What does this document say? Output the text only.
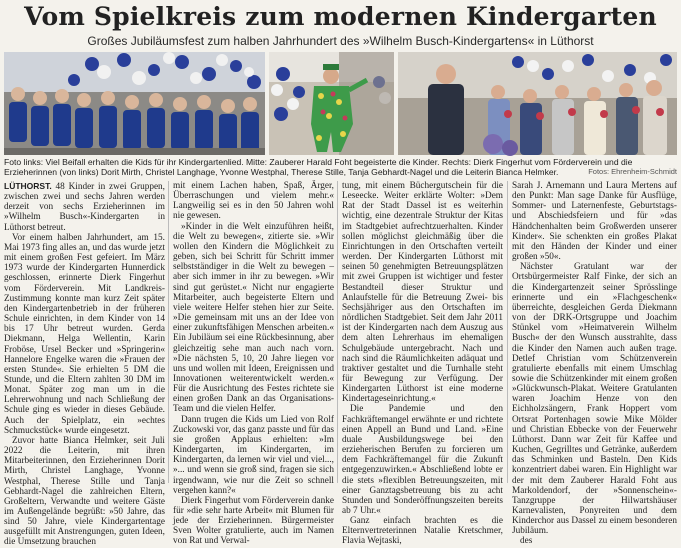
Vom Spielkreis zum modernen Kindergarten
Großes Jubiläumsfest zum halben Jahrhundert des »Wilhelm Busch-Kindergartens« in Lüthorst
Foto links: Viel Beifall erhalten die Kids für ihr Kindergartenlied. Mitte: Zauberer Harald Foht begeisterte die Kinder. Rechts: Dierk Fingerhut vom Förderverein und die Erzieherinnen (von links) Dorit Mirth, Christel Langhage, Yvonne Westphal, Therese Stille, Tanja Gebhardt-Nagel und die Leiterin Bianca Helmker.	Fotos: Ehrenheim-Schmidt

LÜTHORST. 48 Kinder in zwei Gruppen, zwischen zwei und sechs Jahren werden derzeit von sechs Erzieherinnen im »Wilhelm Busch«-Kindergarten in Lüthorst betreut.

Vor einem halben Jahrhundert, am 15. Mai 1973 fing alles an, und das wurde jetzt mit einem großen Fest gefeiert. Im März 1973 wurde der Kindergarten Hunnerdick geschlossen, erinnerte Dierk Fingerhut vom Förderverein. Mit Landkreis-Zustimmung konnte man kurz Zeit später den Kindergartenbetrieb in der früheren Schule einrichten, in dem Kinder von 14 bis 17 Uhr betreut wurden. Gerda Diekmann, Helga Wellentin, Karin Froböse, Ursel Becker und »Springerin« Hannelore Engelke waren die »Frauen der ersten Stunde«. Sie erhielten 5 DM die Stunde, und die Eltern zahlten 30 DM im Monat. Später zog man um in die Lehrerwohnung und nach Schließung der Schule ging es wieder in dieses Gebäude. Auch der Spielplatz, ein »echtes Schmuckstück« wurde eingesetzt.

Zuvor hatte Bianca Helmker, seit Juli 2022 die Leiterin, mit ihren Mitarbeiterinnen, den Erzieherinnen Dorit Mirth, Christel Langhage, Yvonne Westphal, Therese Stille und Tanja Gebhardt-Nagel die zahlreichen Eltern, Großeltern, Verwandte und weitere Gäste im Außengelände begrüßt: »50 Jahre, das sind 50 Jahre, viele Kindergartentage ausgefüllt mit Anstrengungen, guten Ideen, die Umsetzung brauchen

mit einem Lachen haben, Spaß, Ärger, Überraschungen und vielem mehr.« Langweilig sei es in den 50 Jahren wohl nie gewesen.

»Kinder in die Welt einzuführen heißt, die Welt zu bewegen«, zitierte sie. »Wir wollen den Kindern die Möglichkeit zu geben, sich bei Schritt für Schritt immer selbstständiger in die Welt zu bewegen – aber sich immer in ihr zu bewegen. »Wir sind gut gerüstet.« Nicht nur engagierte Mitarbeiter, auch begeisterte Eltern und viele weitere Helfer stehen hier zur Seite. »Die gemeinsam mit uns an der Idee von einer zukunftsfähigen Menschen arbeiten.« Ein Jubiläum sei eine Rückbesinnung, aber gleichzeitig sehe man auch nach vorn. »Die nächsten 5, 10, 20 Jahre liegen vor uns und wollen mit Ideen, Ereignissen und Innovationen weiterentwickelt werden.« Für die Ausrichtung des Festes richtete sie einen großen Dank an das Organisations-Team und die vielen Helfer.

Dann trugen die Kids um Lied von Rolf Zuckowski vor, das ganz passte und für das sie großen Applaus erhielten: »Im Kindergarten, im Kindergarten, im Kindergarten, da lernen wir viel und viel..., »... und wenn sie groß sind, fragen sie sich irgendwann, wie nur die Zeit so schnell vergehen kann?«

Dierk Fingerhut vom Förderverein danke für »die sehr harte Arbeit« mit Blumen für jede der Erzieherinnen. Bürgermeister Sven Wolter gratulierte, auch im Namen von Rat und Verwal-

tung, mit einem Büchergutschein für die Leseecke. Weiter erklärte Wolter: »Dem Rat der Stadt Dassel ist es weiterhin wichtig, eine dezentrale Struktur der Kitas im Stadtgebiet aufrechtzuerhalten. Kinder sollen möglichst gleichmäßig über die Einrichtungen in den Ortschaften verteilt werden. Der Kindergarten Lüthorst mit seinen 50 genehmigten Betreuungsplätzen mit zwei Gruppen ist wichtiger und fester Bestandteil dieser Struktur und Anlaufstelle für die Betreuung Zwei- bis Sechsjähriger aus den Ortschaften im nördlichen Stadtgebiet. Seit dem Jahr 2011 ist der Kindergarten nach dem Auszug aus dem alten Lehrerhaus im ehemaligen Schulgebäude untergebracht. Nach und nach sind die Räumlichkeiten adäquat und traktiver gestaltet und die Turnhalle steht für Bewegung zur Verfügung. Der Kindergarten Lüthorst ist eine moderne Kindertageseinrichtung.«

Die Pandemie und den Fachkräftemangel erwähnte er und richtete einen Appell an Bund und Land. »Eine duale Ausbildungswege bei den erzieherischen Berufen zu forcieren um dem Fachkräftemangel für die Zukunft entgegenzuwirken.« Abschließend lobte er die stets »flexiblen Betreuungszeiten, mit einer Ganztagsbetreuung bis zu acht Stunden und Sonderöffnungszeiten bereits ab 7 Uhr.«

Ganz einfach brachten es die Elternvertreterinnen Natalie Kretschmer, Flavia Wejtaski,

Sarah J. Arnemann und Laura Mertens auf den Punkt: Man sage Danke für Ausflüge, Sommer- und Laternenfeste, Geburtstags- und Abschiedsfeiern und für »das Händchenhalten beim Großwerden unserer Kinder«. Sie schenkten ein großes Plakat mit den Händen der Kinder und einer großen »50«.

Nächster Gratulant war der Ortsbürgermeister Ralf Finke, der sich an die Kindergartenzeit seiner Sprösslinge erinnerte und ein »Flachgeschenk« überreichte, desgleichen Gerda Diekmann von der DRK-Ortsgruppe und Joachim Stünkel vom »Heimatverein Wilhelm Busch« der den Wunsch ausstrahlte, dass die Kinder den Namen auch außen trage. Detlef Christian vom Schützenverein gratulierte ebenfalls mit einem Umschlag sowie die Schützenkinder mit einem großen »Glückwunsch-Plakat. Weitere Gratulanten waren Joachim Henze von den Eichholzsängern, Frank Hoppert vom Ortsrat Portenhagen sowie Mike Mölder und Christian Ebbecke von der Feuerwehr Lüthorst. Dann war Zeit für Kaffee und Kuchen, Gegrilltes und Getränke, außerdem das Schminken und Basteln. Den Kids konzentriert dabei waren. Ein Highlight war der mit dem Zauberer Harald Foht aus Markoldendorf, der »Sonnenschein«-Tanzgruppe der Hilwartshäuser Karnevalisten, Ponyreiten und dem Kinderchor aus Dassel zu einem besonderen Jubiläum.

des
